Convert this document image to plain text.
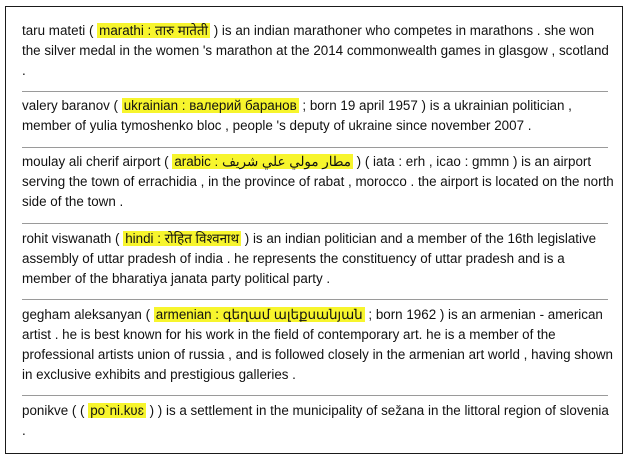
taru mateti ( marathi : तारु मातेती ) is an indian marathoner who competes in marathons . she won the silver medal in the women 's marathon at the 2014 commonwealth games in glasgow , scotland .
valery baranov ( ukrainian : валерий баранов ; born 19 april 1957 ) is a ukrainian politician , member of yulia tymoshenko bloc , people 's deputy of ukraine since november 2007 .
moulay ali cherif airport ( arabic : مطار مولي علي شريف ) ( iata : erh , icao : gmmn ) is an airport serving the town of errachidia , in the province of rabat , morocco . the airport is located on the north side of the town .
rohit viswanath ( hindi : रोहित विश्वनाथ ) is an indian politician and a member of the 16th legislative assembly of uttar pradesh of india . he represents the constituency of uttar pradesh and is a member of the bharatiya janata party political party .
gegham aleksanyan ( armenian : գեղամ ալեքսանյան ; born 1962 ) is an armenian - american artist . he is best known for his work in the field of contemporary art. he is a member of the professional artists union of russia , and is followed closely in the armenian art world , having shown in exclusive exhibits and prestigious galleries .
ponikve ( ( po`ni.kʋɛ ) ) is a settlement in the municipality of sežana in the littoral region of slovenia .
